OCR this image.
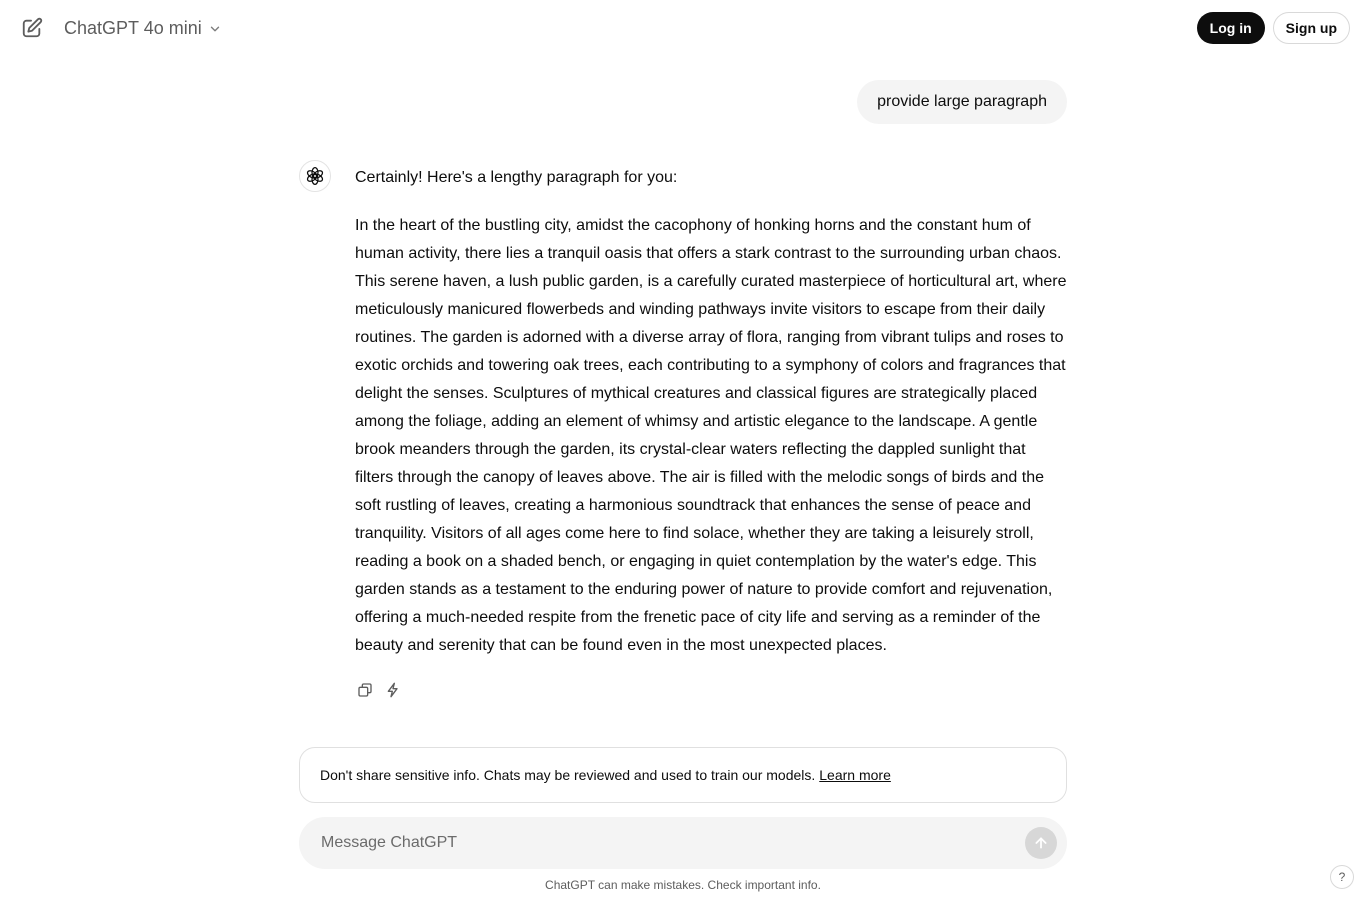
ChatGPT 4o mini	Log in	Sign up
provide large paragraph

Certainly! Here's a lengthy paragraph for you:

In the heart of the bustling city, amidst the cacophony of honking horns and the constant hum of human activity, there lies a tranquil oasis that offers a stark contrast to the surrounding urban chaos. This serene haven, a lush public garden, is a carefully curated masterpiece of horticultural art, where meticulously manicured flowerbeds and winding pathways invite visitors to escape from their daily routines. The garden is adorned with a diverse array of flora, ranging from vibrant tulips and roses to exotic orchids and towering oak trees, each contributing to a symphony of colors and fragrances that delight the senses. Sculptures of mythical creatures and classical figures are strategically placed among the foliage, adding an element of whimsy and artistic elegance to the landscape. A gentle brook meanders through the garden, its crystal-clear waters reflecting the dappled sunlight that filters through the canopy of leaves above. The air is filled with the melodic songs of birds and the soft rustling of leaves, creating a harmonious soundtrack that enhances the sense of peace and tranquility. Visitors of all ages come here to find solace, whether they are taking a leisurely stroll, reading a book on a shaded bench, or engaging in quiet contemplation by the water's edge. This garden stands as a testament to the enduring power of nature to provide comfort and rejuvenation, offering a much-needed respite from the frenetic pace of city life and serving as a reminder of the beauty and serenity that can be found even in the most unexpected places.

Don't share sensitive info. Chats may be reviewed and used to train our models. Learn more
Message ChatGPT
ChatGPT can make mistakes. Check important info.
?
